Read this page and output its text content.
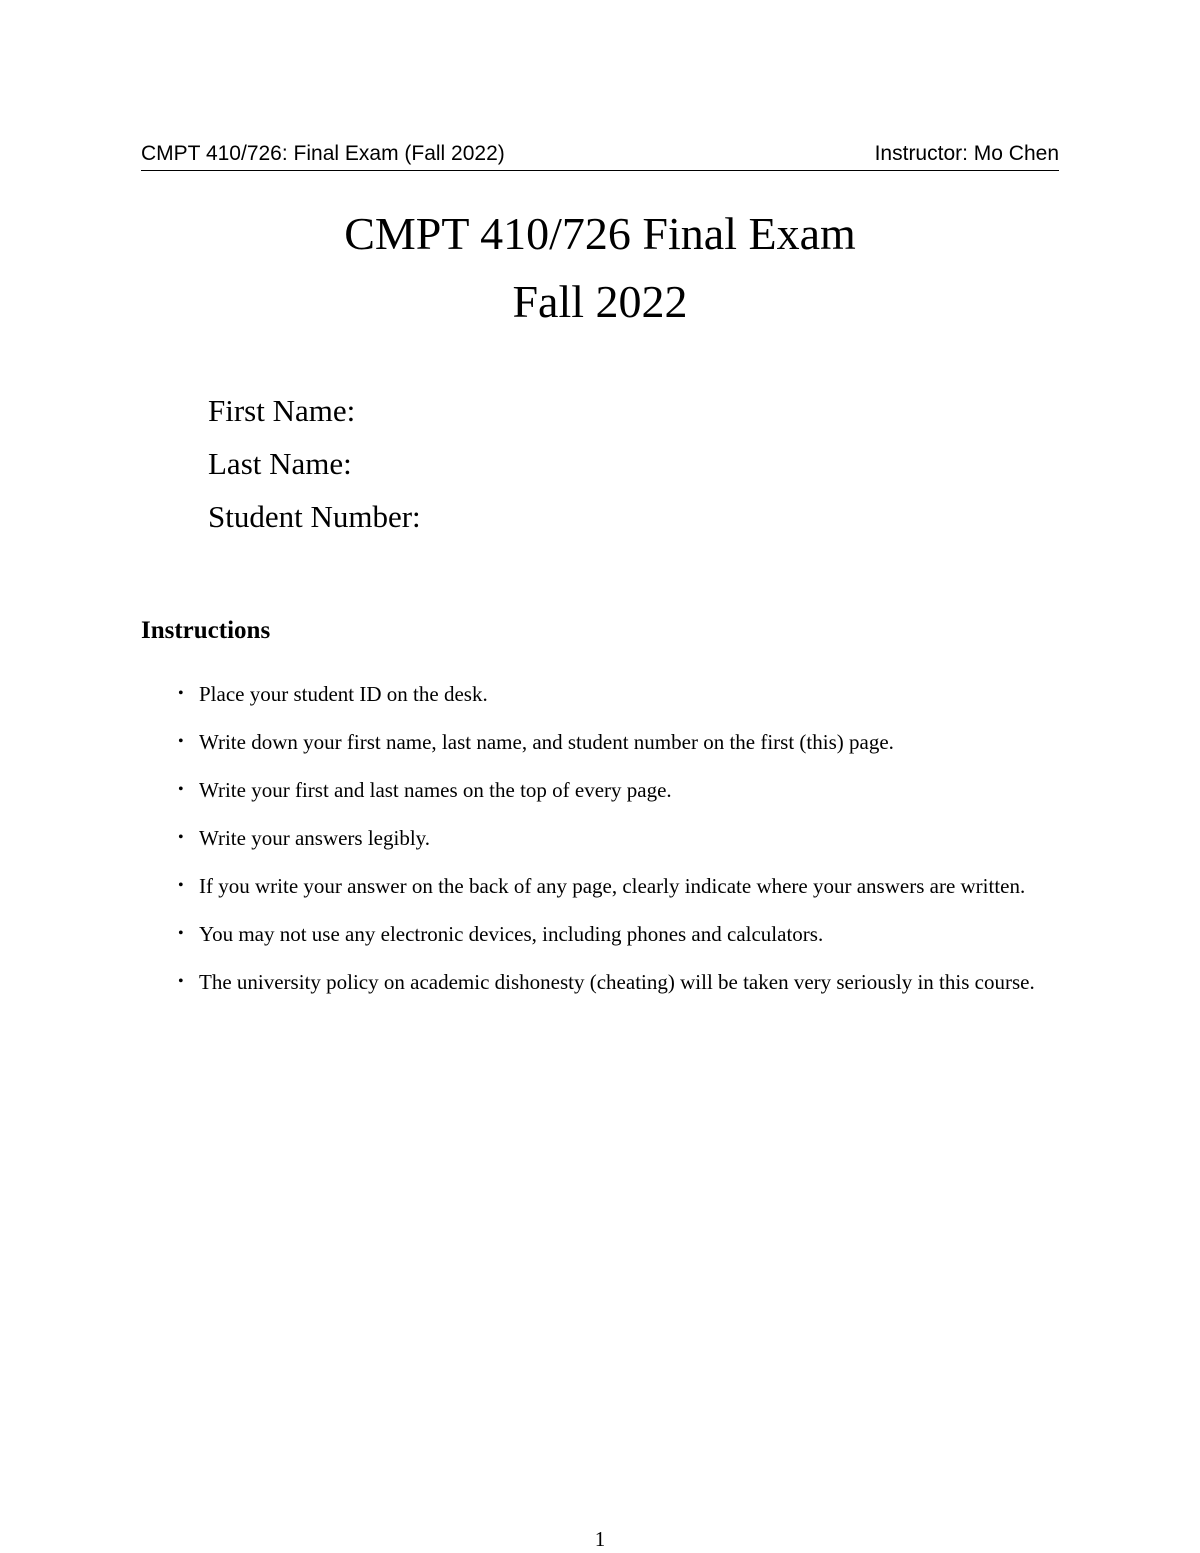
CMPT 410/726: Final Exam (Fall 2022)	Instructor: Mo Chen
CMPT 410/726 Final Exam
Fall 2022
First Name:
Last Name:
Student Number:
Instructions
• Place your student ID on the desk.
• Write down your first name, last name, and student number on the first (this) page.
• Write your first and last names on the top of every page.
• Write your answers legibly.
• If you write your answer on the back of any page, clearly indicate where your answers are written.
• You may not use any electronic devices, including phones and calculators.
• The university policy on academic dishonesty (cheating) will be taken very seriously in this course.
1
